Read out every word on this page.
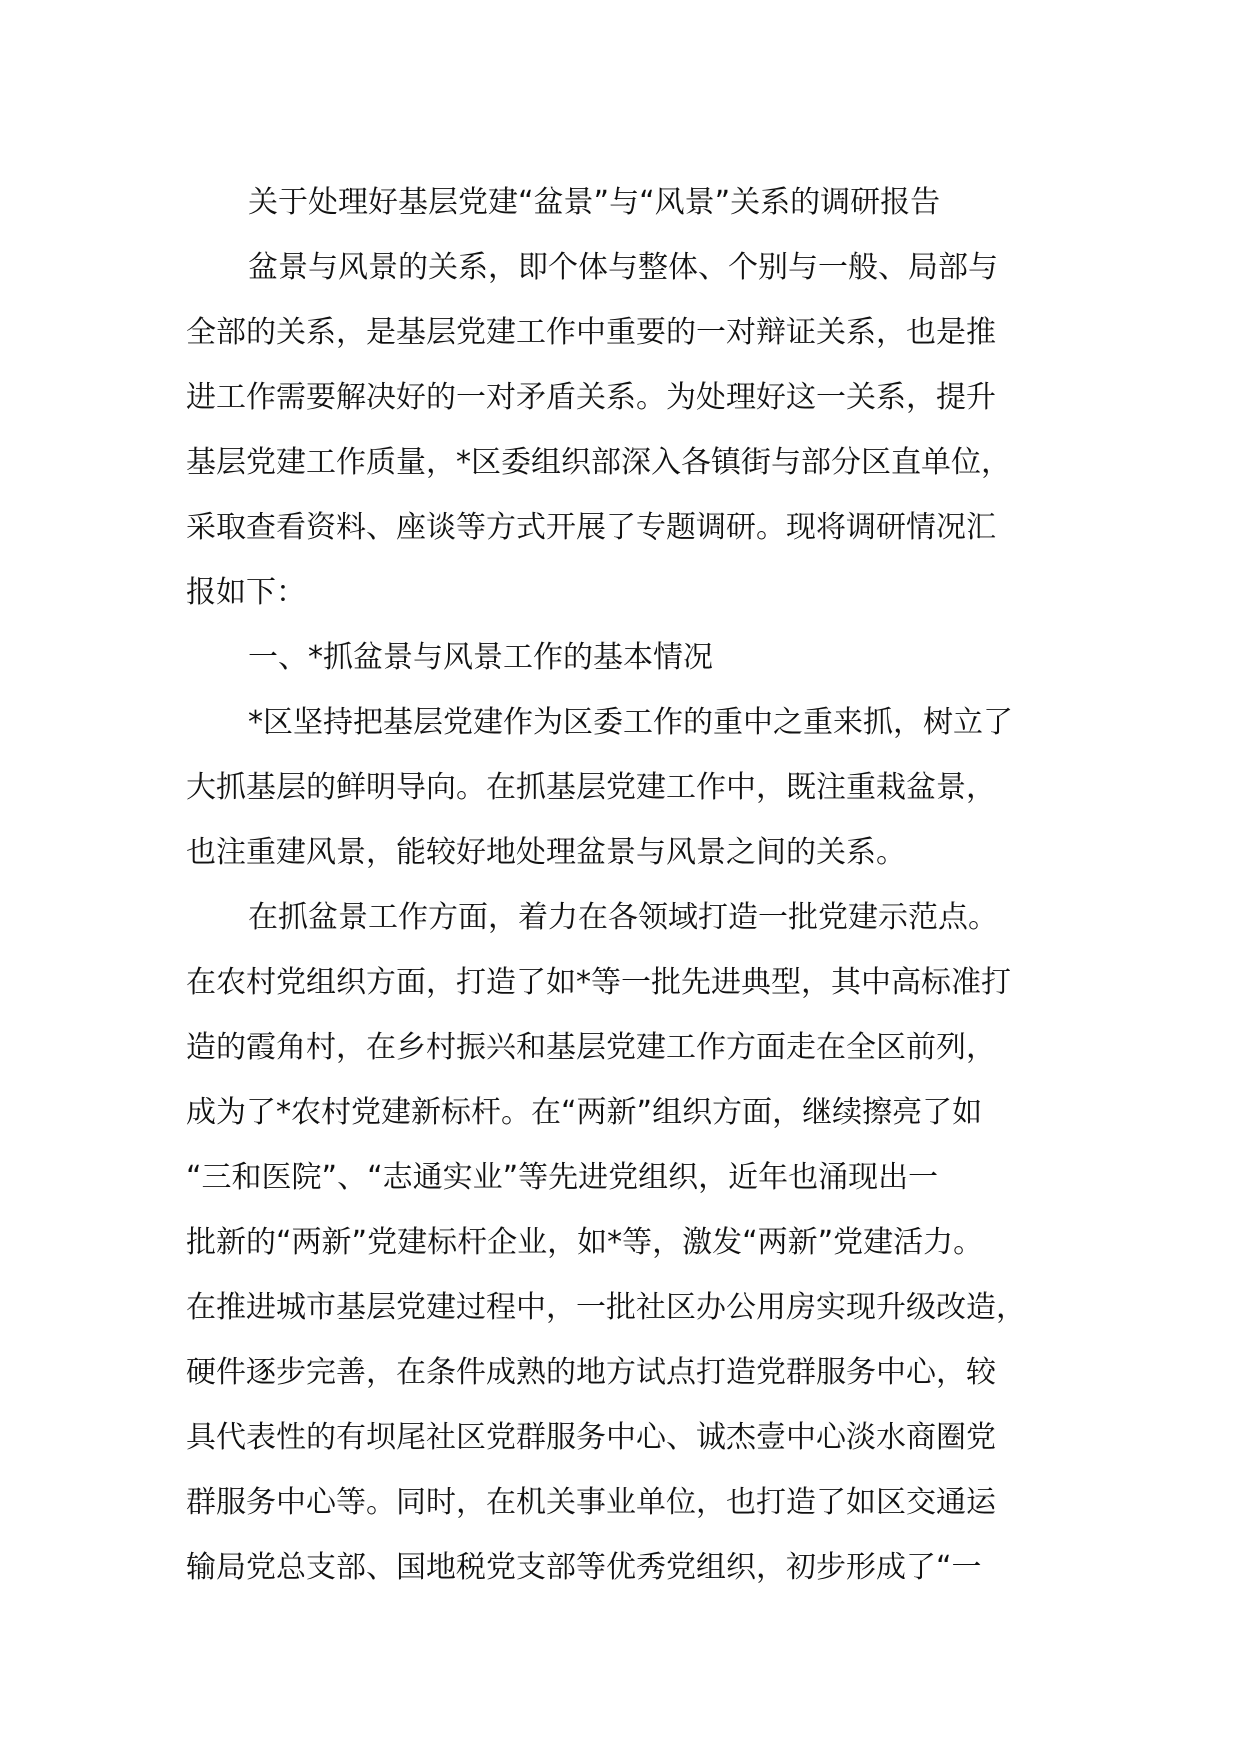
关于处理好基层党建“盆景”与“风景”关系的调研报告
盆景与风景的关系，即个体与整体、个别与一般、局部与
全部的关系，是基层党建工作中重要的一对辩证关系，也是推
进工作需要解决好的一对矛盾关系。为处理好这一关系，提升
基层党建工作质量，*区委组织部深入各镇街与部分区直单位，
采取查看资料、座谈等方式开展了专题调研。现将调研情况汇
报如下：
一、*抓盆景与风景工作的基本情况
*区坚持把基层党建作为区委工作的重中之重来抓，树立了
大抓基层的鲜明导向。在抓基层党建工作中，既注重栽盆景，
也注重建风景，能较好地处理盆景与风景之间的关系。
在抓盆景工作方面，着力在各领域打造一批党建示范点。
在农村党组织方面，打造了如*等一批先进典型，其中高标准打
造的霞角村，在乡村振兴和基层党建工作方面走在全区前列，
成为了*农村党建新标杆。在“两新”组织方面，继续擦亮了如
“三和医院”、“志通实业”等先进党组织，近年也涌现出一
批新的“两新”党建标杆企业，如*等，激发“两新”党建活力。
在推进城市基层党建过程中，一批社区办公用房实现升级改造，
硬件逐步完善，在条件成熟的地方试点打造党群服务中心，较
具代表性的有坝尾社区党群服务中心、诚杰壹中心淡水商圈党
群服务中心等。同时，在机关事业单位，也打造了如区交通运
输局党总支部、国地税党支部等优秀党组织，初步形成了“一
